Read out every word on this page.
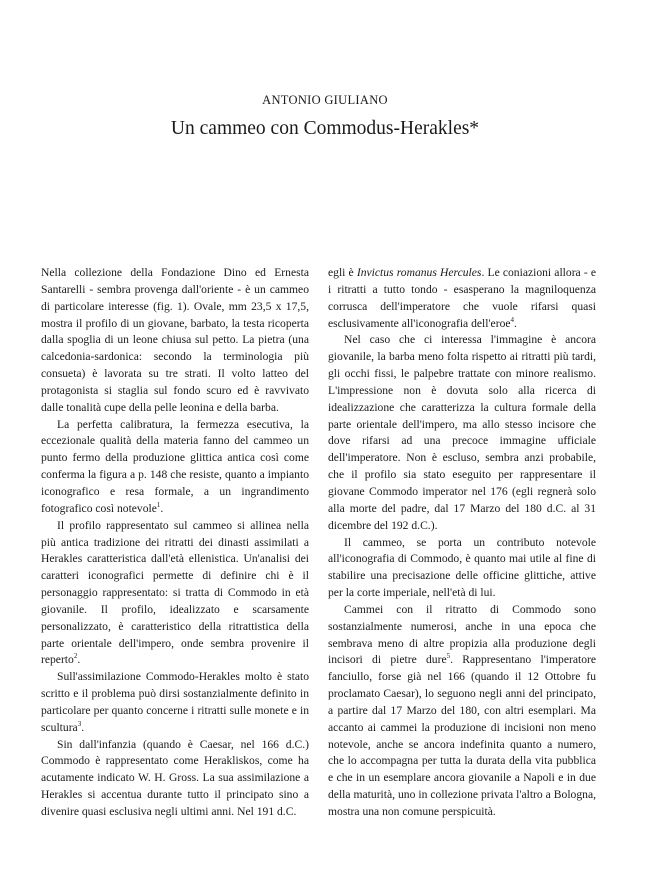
ANTONIO GIULIANO
Un cammeo con Commodus-Herakles*

Nella collezione della Fondazione Dino ed Ernesta Santarelli - sembra provenga dall'oriente - è un cammeo di particolare interesse (fig. 1). Ovale, mm 23,5 x 17,5, mostra il profilo di un giovane, barbato, la testa ricoperta dalla spoglia di un leone chiusa sul petto. La pietra (una calcedonia-sardonica: secondo la terminologia più consueta) è lavorata su tre strati. Il volto latteo del protagonista si staglia sul fondo scuro ed è ravvivato dalle tonalità cupe della pelle leonina e della barba.

La perfetta calibratura, la fermezza esecutiva, la eccezionale qualità della materia fanno del cammeo un punto fermo della produzione glittica antica così come conferma la figura a p. 148 che resiste, quanto a impianto iconografico e resa formale, a un ingrandimento fotografico così notevole$^1$.

Il profilo rappresentato sul cammeo si allinea nella più antica tradizione dei ritratti dei dinasti assimilati a Herakles caratteristica dall'età ellenistica. Un'analisi dei caratteri iconografici permette di definire chi è il personaggio rappresentato: si tratta di Commodo in età giovanile. Il profilo, idealizzato e scarsamente personalizzato, è caratteristico della ritrattistica della parte orientale dell'impero, onde sembra provenire il reperto$^2$.

Sull'assimilazione Commodo-Herakles molto è stato scritto e il problema può dirsi sostanzialmente definito in particolare per quanto concerne i ritratti sulle monete e in scultura$^3$.

Sin dall'infanzia (quando è Caesar, nel 166 d.C.) Commodo è rappresentato come Herakliskos, come ha acutamente indicato W. H. Gross. La sua assimilazione a Herakles si accentua durante tutto il principato sino a divenire quasi esclusiva negli ultimi anni. Nel 191 d.C.

egli è Invictus romanus Hercules. Le coniazioni allora - e i ritratti a tutto tondo - esasperano la magniloquenza corrusca dell'imperatore che vuole rifarsi quasi esclusivamente all'iconografia dell'eroe$^4$.

Nel caso che ci interessa l'immagine è ancora giovanile, la barba meno folta rispetto ai ritratti più tardi, gli occhi fissi, le palpebre trattate con minore realismo. L'impressione non è dovuta solo alla ricerca di idealizzazione che caratterizza la cultura formale della parte orientale dell'impero, ma allo stesso incisore che dove rifarsi ad una precoce immagine ufficiale dell'imperatore. Non è escluso, sembra anzi probabile, che il profilo sia stato eseguito per rappresentare il giovane Commodo imperator nel 176 (egli regnerà solo alla morte del padre, dal 17 Marzo del 180 d.C. al 31 dicembre del 192 d.C.).

Il cammeo, se porta un contributo notevole all'iconografia di Commodo, è quanto mai utile al fine di stabilire una precisazione delle officine glittiche, attive per la corte imperiale, nell'età di lui.

Cammei con il ritratto di Commodo sono sostanzialmente numerosi, anche in una epoca che sembrava meno di altre propizia alla produzione degli incisori di pietre dure$^5$. Rappresentano l'imperatore fanciullo, forse già nel 166 (quando il 12 Ottobre fu proclamato Caesar), lo seguono negli anni del principato, a partire dal 17 Marzo del 180, con altri esemplari. Ma accanto ai cammei la produzione di incisioni non meno notevole, anche se ancora indefinita quanto a numero, che lo accompagna per tutta la durata della vita pubblica e che in un esemplare ancora giovanile a Napoli e in due della maturità, uno in collezione privata l'altro a Bologna, mostra una non comune perspicuità.
